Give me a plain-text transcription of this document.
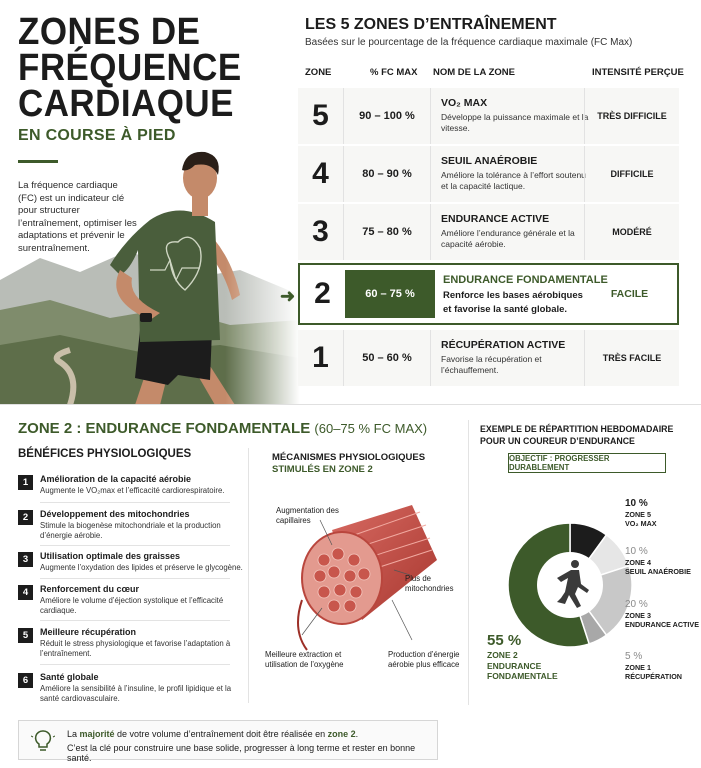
ZONES DE
FRÉQUENCE
CARDIAQUE
LES 5 ZONES D’ENTRAÎNEMENT
Basées sur le pourcentage de la fréquence cardiaque maximale (FC Max)
ZONE	% FC MAX NOM DE LA ZONE	INTENSITÉ PERÇUE
5	90 – 100 %
VO₂ MAX
Développe la puissance maximale et la vitesse.
TRÈS DIFFICILE
4	80 – 90 %
SEUIL ANAÉROBIE
Améliore la tolérance à l’effort soutenu et la capacité lactique.
DIFFICILE
3	75 – 80 %
ENDURANCE ACTIVE
Améliore l’endurance générale et la capacité aérobie.
MODÉRÉ
➜ 2	60 – 75 %
ENDURANCE FONDAMENTALE
Renforce les bases aérobiques et favorise la santé globale.
FACILE
1	50 – 60 %
RÉCUPÉRATION ACTIVE
Favorise la récupération et l’échauffement.
TRÈS FACILE
ZONE 2 : ENDURANCE FONDAMENTALE (60–75 % FC MAX)
BÉNÉFICES PHYSIOLOGIQUES
1	Amélioration de la capacité aérobie
Augmente le VO₂max et l’efficacité cardiorespiratoire.
2	Développement des mitochondries
Stimule la biogenèse mitochondriale et la production d’énergie aérobie.
3	Utilisation optimale des graisses
Augmente l’oxydation des lipides et préserve le glycogène.
4	Renforcement du cœur
Améliore le volume d’éjection systolique et l’efficacité cardiaque.
5	Meilleure récupération
Réduit le stress physiologique et favorise l’adaptation à l’entraînement.
6	Santé globale
Améliore la sensibilité à l’insuline, le profil lipidique et la santé cardiovasculaire.
MÉCANISMES PHYSIOLOGIQUES
STIMULÉS EN ZONE 2
Augmentation des capillaires
Plus de mitochondries
Meilleure extraction et utilisation de l’oxygène
Production d’énergie aérobie plus efficace
EXEMPLE DE RÉPARTITION HEBDOMADAIRE POUR UN COUREUR D’ENDURANCE
OBJECTIF : PROGRESSER DURABLEMENT
10 %
ZONE 5
VO₂ MAX
10 %
ZONE 4
SEUIL ANAÉROBIE
20 %
ZONE 3
ENDURANCE ACTIVE
5 %
ZONE 1
RÉCUPÉRATION
55 %
ZONE 2
ENDURANCE
FONDAMENTALE
La majorité de votre volume d’entraînement doit être réalisée en zone 2.
C’est la clé pour construire une base solide, progresser à long terme et rester en bonne santé.
